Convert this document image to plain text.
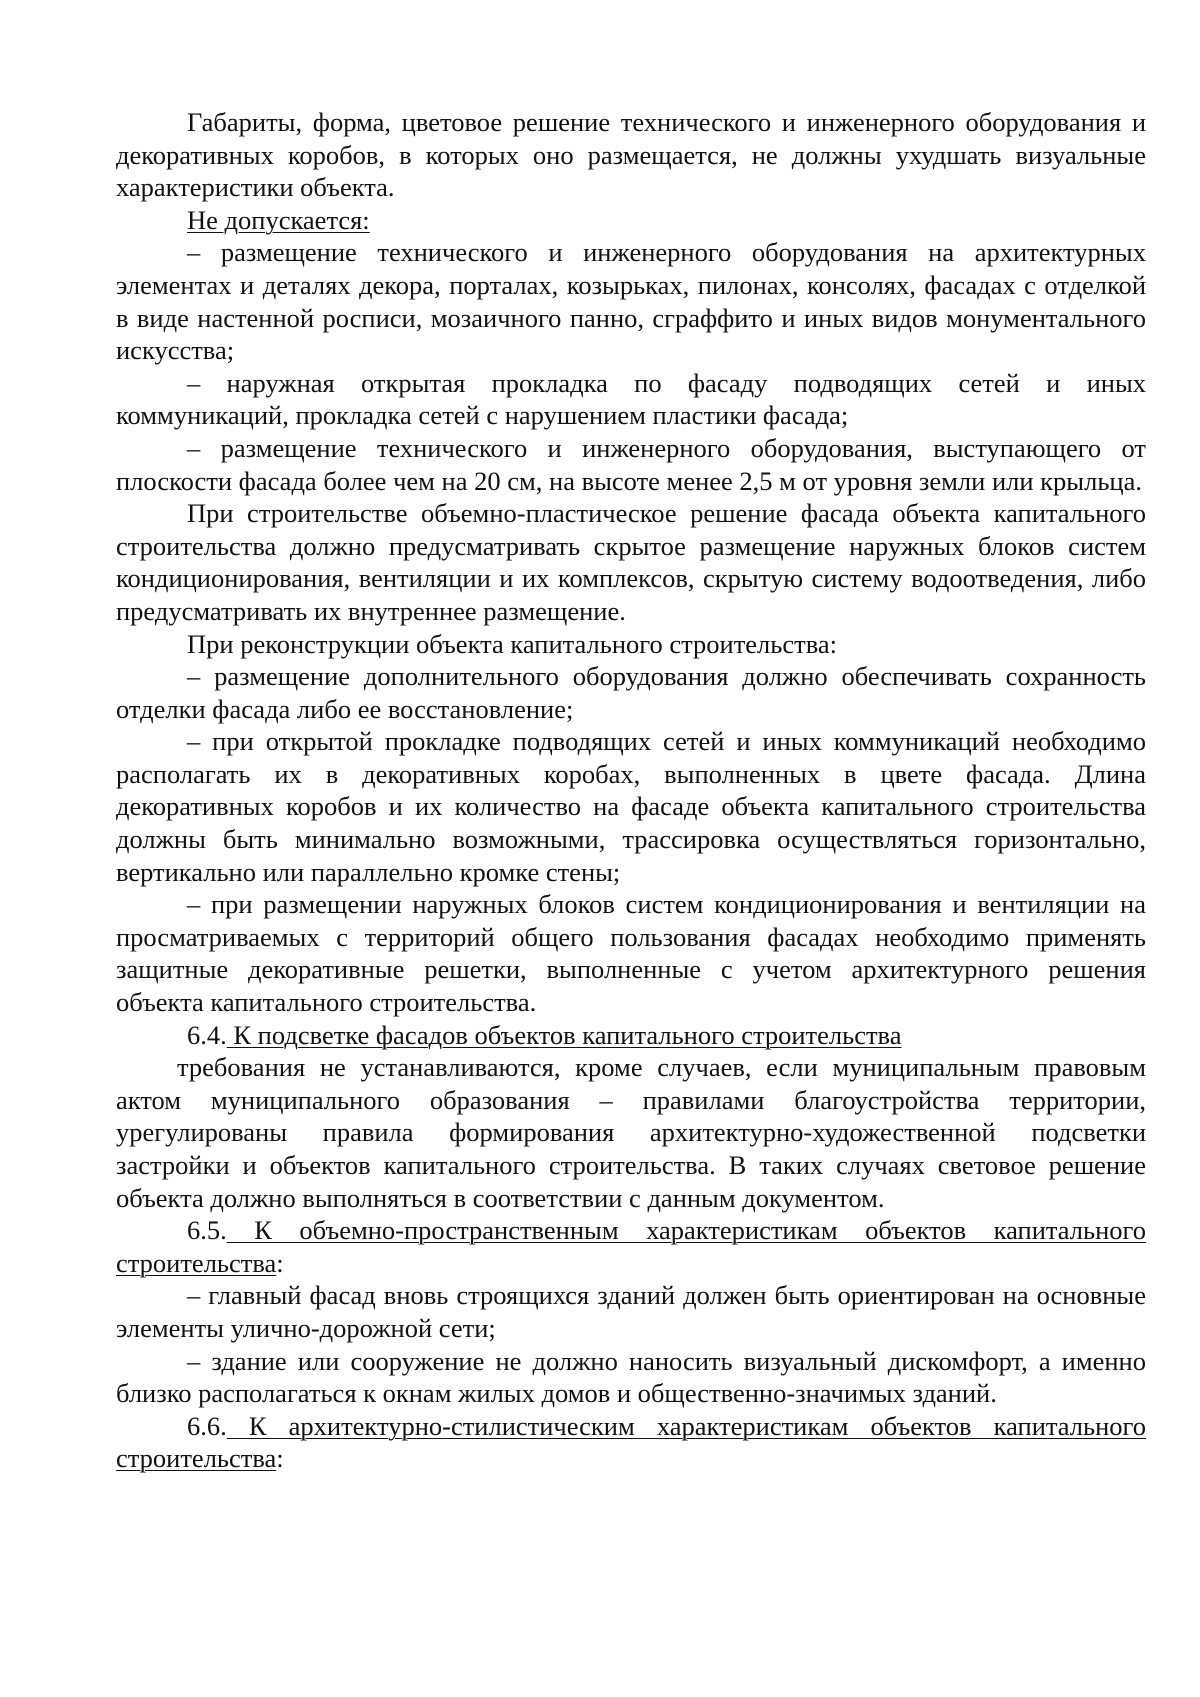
Габариты, форма, цветовое решение технического и инженерного оборудования и декоративных коробов, в которых оно размещается, не должны ухудшать визуальные характеристики объекта.

Не допускается:

– размещение технического и инженерного оборудования на архитектурных элементах и деталях декора, порталах, козырьках, пилонах, консолях, фасадах с отделкой в виде настенной росписи, мозаичного панно, сграффито и иных видов монументального искусства;

– наружная открытая прокладка по фасаду подводящих сетей и иных коммуникаций, прокладка сетей с нарушением пластики фасада;

– размещение технического и инженерного оборудования, выступающего от плоскости фасада более чем на 20 см, на высоте менее 2,5 м от уровня земли или крыльца.

При строительстве объемно-пластическое решение фасада объекта капитального строительства должно предусматривать скрытое размещение наружных блоков систем кондиционирования, вентиляции и их комплексов, скрытую систему водоотведения, либо предусматривать их внутреннее размещение.

При реконструкции объекта капитального строительства:

– размещение дополнительного оборудования должно обеспечивать сохранность отделки фасада либо ее восстановление;

– при открытой прокладке подводящих сетей и иных коммуникаций необходимо располагать их в декоративных коробах, выполненных в цвете фасада. Длина декоративных коробов и их количество на фасаде объекта капитального строительства должны быть минимально возможными, трассировка осуществляться горизонтально, вертикально или параллельно кромке стены;

– при размещении наружных блоков систем кондиционирования и вентиляции на просматриваемых с территорий общего пользования фасадах необходимо применять защитные декоративные решетки, выполненные с учетом архитектурного решения объекта капитального строительства.

6.4. К подсветке фасадов объектов капитального строительства

требования не устанавливаются, кроме случаев, если муниципальным правовым актом муниципального образования – правилами благоустройства территории, урегулированы правила формирования архитектурно-художественной подсветки застройки и объектов капитального строительства. В таких случаях световое решение объекта должно выполняться в соответствии с данным документом.

6.5. К объемно-пространственным характеристикам объектов капитального строительства:

– главный фасад вновь строящихся зданий должен быть ориентирован на основные элементы улично-дорожной сети;

– здание или сооружение не должно наносить визуальный дискомфорт, а именно близко располагаться к окнам жилых домов и общественно-значимых зданий.

6.6. К архитектурно-стилистическим характеристикам объектов капитального строительства:
